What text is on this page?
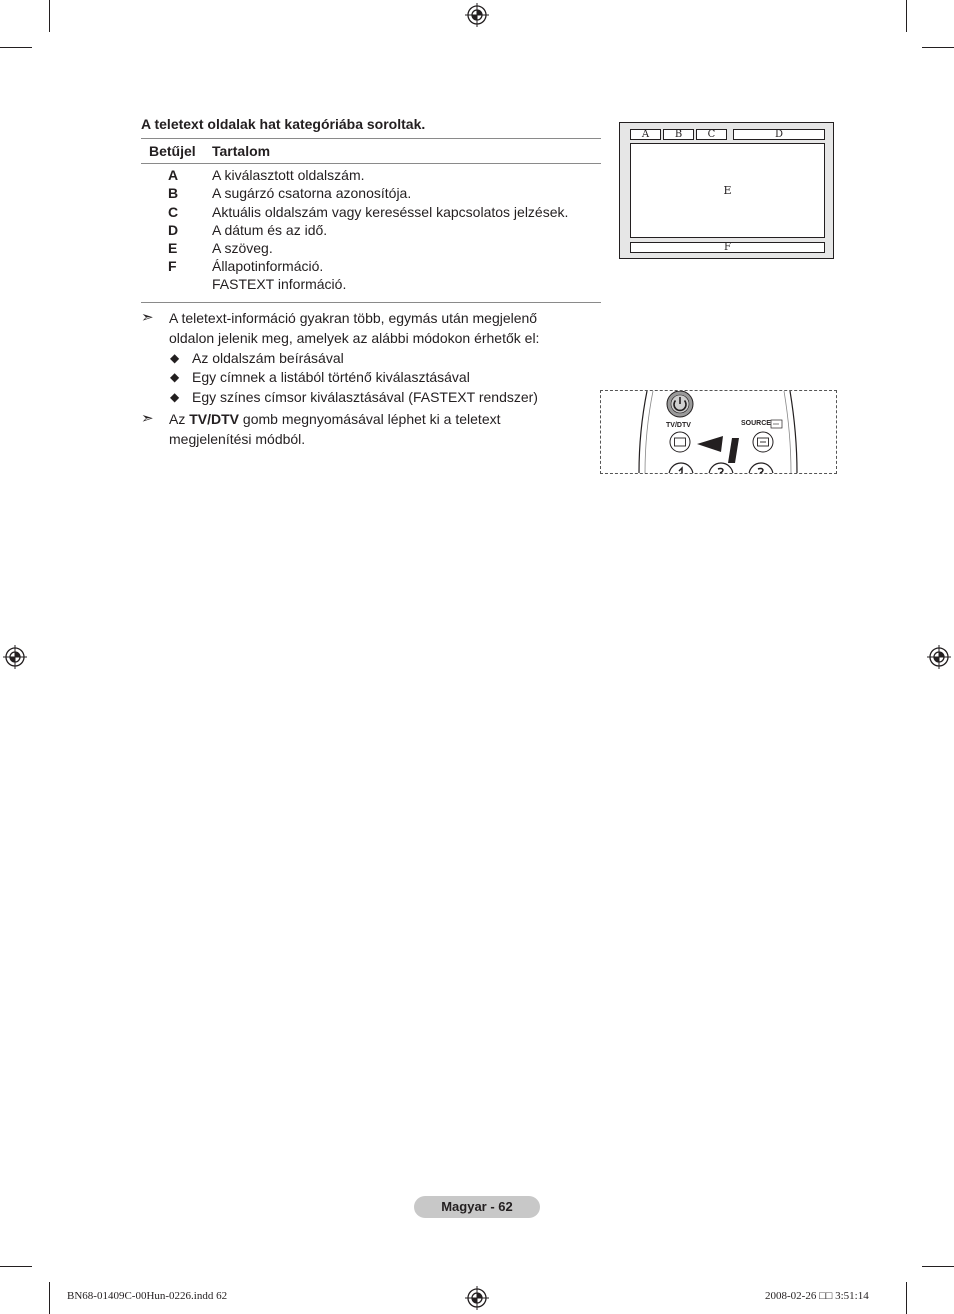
A teletext oldalak hat kategóriába soroltak.
Betűjel Tartalom
A A kiválasztott oldalszám.
B A sugárzó csatorna azonosítója.
C Aktuális oldalszám vagy kereséssel kapcsolatos jelzések.
D A dátum és az idő.
E A szöveg.
F	Állapotinformáció.
FASTEXT információ.
➣ A teletext-információ gyakran több, egymás után megjelenő
oldalon jelenik meg, amelyek az alábbi módokon érhetők el:
◆ Az oldalszám beírásával
◆ Egy címnek a listából történő kiválasztásával
◆ Egy színes címsor kiválasztásával (FASTEXT rendszer)
➣ Az TV/DTV gomb megnyomásával léphet ki a teletext
megjelenítési módból.
A	B	C	D
E
F
TV/DTV	SOURCE
Magyar - 62
BN68-01409C-00Hun-0226.indd 62	2008-02-26 □□ 3:51:14
